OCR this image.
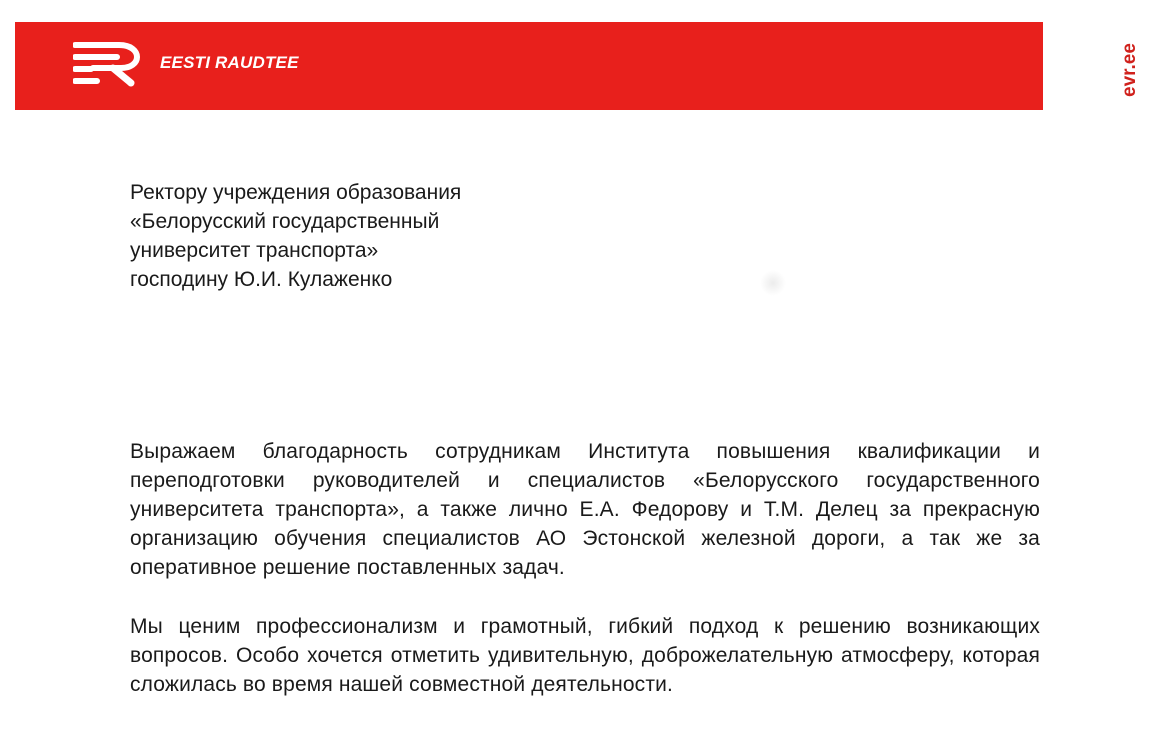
EESTI RAUDTEE	evr.ee
Ректору учреждения образования
«Белорусский государственный
университет транспорта»
господину Ю.И. Кулаженко

Выражаем благодарность сотрудникам Института повышения квалификации и переподготовки руководителей и специалистов «Белорусского государственного университета транспорта», а также лично Е.А. Федорову и Т.М. Делец за прекрасную организацию обучения специалистов АО Эстонской железной дороги, а так же за оперативное решение поставленных задач.

Мы ценим профессионализм и грамотный, гибкий подход к решению возникающих вопросов. Особо хочется отметить удивительную, доброжелательную атмосферу, которая сложилась во время нашей совместной деятельности.
